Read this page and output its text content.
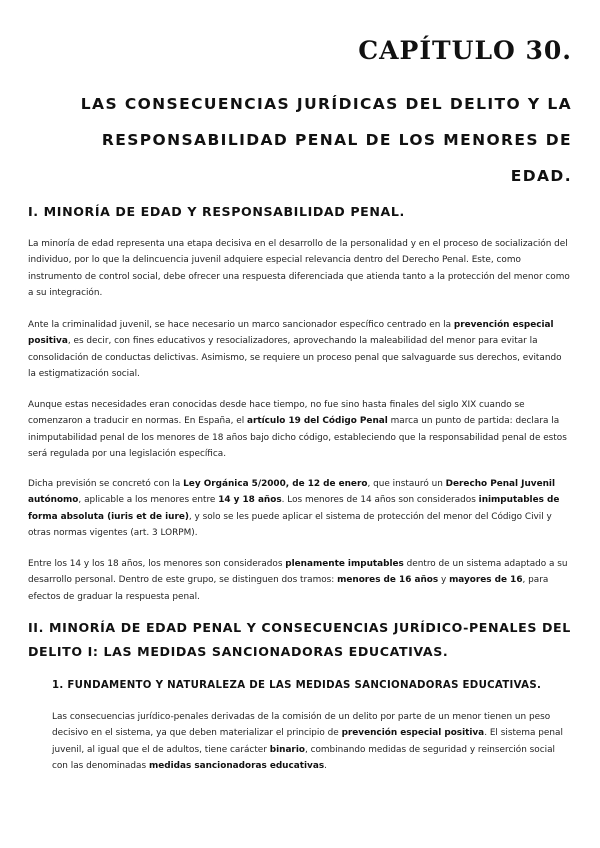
CAPÍTULO 30.
LAS CONSECUENCIAS JURÍDICAS DEL DELITO Y LA RESPONSABILIDAD PENAL DE LOS MENORES DE EDAD.
I. MINORÍA DE EDAD Y RESPONSABILIDAD PENAL.

La minoría de edad representa una etapa decisiva en el desarrollo de la personalidad y en el proceso de socialización del individuo, por lo que la delincuencia juvenil adquiere especial relevancia dentro del Derecho Penal. Este, como instrumento de control social, debe ofrecer una respuesta diferenciada que atienda tanto a la protección del menor como a su integración.

Ante la criminalidad juvenil, se hace necesario un marco sancionador específico centrado en la prevención especial positiva, es decir, con fines educativos y resocializadores, aprovechando la maleabilidad del menor para evitar la consolidación de conductas delictivas. Asimismo, se requiere un proceso penal que salvaguarde sus derechos, evitando la estigmatización social.

Aunque estas necesidades eran conocidas desde hace tiempo, no fue sino hasta finales del siglo XIX cuando se comenzaron a traducir en normas. En España, el artículo 19 del Código Penal marca un punto de partida: declara la inimputabilidad penal de los menores de 18 años bajo dicho código, estableciendo que la responsabilidad penal de estos será regulada por una legislación específica.

Dicha previsión se concretó con la Ley Orgánica 5/2000, de 12 de enero, que instauró un Derecho Penal Juvenil autónomo, aplicable a los menores entre 14 y 18 años. Los menores de 14 años son considerados inimputables de forma absoluta (iuris et de iure), y solo se les puede aplicar el sistema de protección del menor del Código Civil y otras normas vigentes (art. 3 LORPM).

Entre los 14 y los 18 años, los menores son considerados plenamente imputables dentro de un sistema adaptado a su desarrollo personal. Dentro de este grupo, se distinguen dos tramos: menores de 16 años y mayores de 16, para efectos de graduar la respuesta penal.

II. MINORÍA DE EDAD PENAL Y CONSECUENCIAS JURÍDICO-PENALES DEL DELITO I: LAS MEDIDAS SANCIONADORAS EDUCATIVAS.
1. FUNDAMENTO Y NATURALEZA DE LAS MEDIDAS SANCIONADORAS EDUCATIVAS.

Las consecuencias jurídico-penales derivadas de la comisión de un delito por parte de un menor tienen un peso decisivo en el sistema, ya que deben materializar el principio de prevención especial positiva. El sistema penal juvenil, al igual que el de adultos, tiene carácter binario, combinando medidas de seguridad y reinserción social con las denominadas medidas sancionadoras educativas.
